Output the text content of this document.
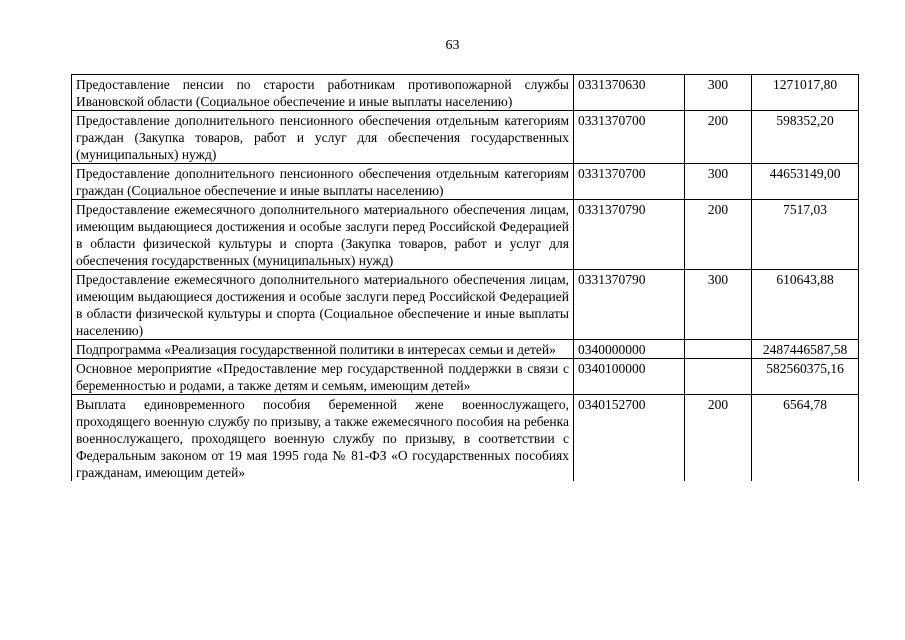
63
Предоставление пенсии по старости работникам противопожарной службы Ивановской области (Социальное обеспечение и иные выплаты населению)	0331370630	300	1271017,80
Предоставление дополнительного пенсионного обеспечения отдельным категориям граждан (Закупка товаров, работ и услуг для обеспечения государственных (муниципальных) нужд)	0331370700	200	598352,20
Предоставление дополнительного пенсионного обеспечения отдельным категориям граждан (Социальное обеспечение и иные выплаты населению)	0331370700	300	44653149,00
Предоставление ежемесячного дополнительного материального обеспечения лицам, имеющим выдающиеся достижения и особые заслуги перед Российской Федерацией в области физической культуры и спорта (Закупка товаров, работ и услуг для обеспечения государственных (муниципальных) нужд)	0331370790	200	7517,03
Предоставление ежемесячного дополнительного материального обеспечения лицам, имеющим выдающиеся достижения и особые заслуги перед Российской Федерацией в области физической культуры и спорта (Социальное обеспечение и иные выплаты населению)	0331370790	300	610643,88
Подпрограмма «Реализация государственной политики в интересах семьи и детей»	0340000000		2487446587,58
Основное мероприятие «Предоставление мер государственной поддержки в связи с беременностью и родами, а также детям и семьям, имеющим детей»	0340100000		582560375,16
Выплата единовременного пособия беременной жене военнослужащего, проходящего военную службу по призыву, а также ежемесячного пособия на ребенка военнослужащего, проходящего военную службу по призыву, в соответствии с Федеральным законом от 19 мая 1995 года № 81-ФЗ «О государственных пособиях гражданам, имеющим детей»	0340152700	200	6564,78
